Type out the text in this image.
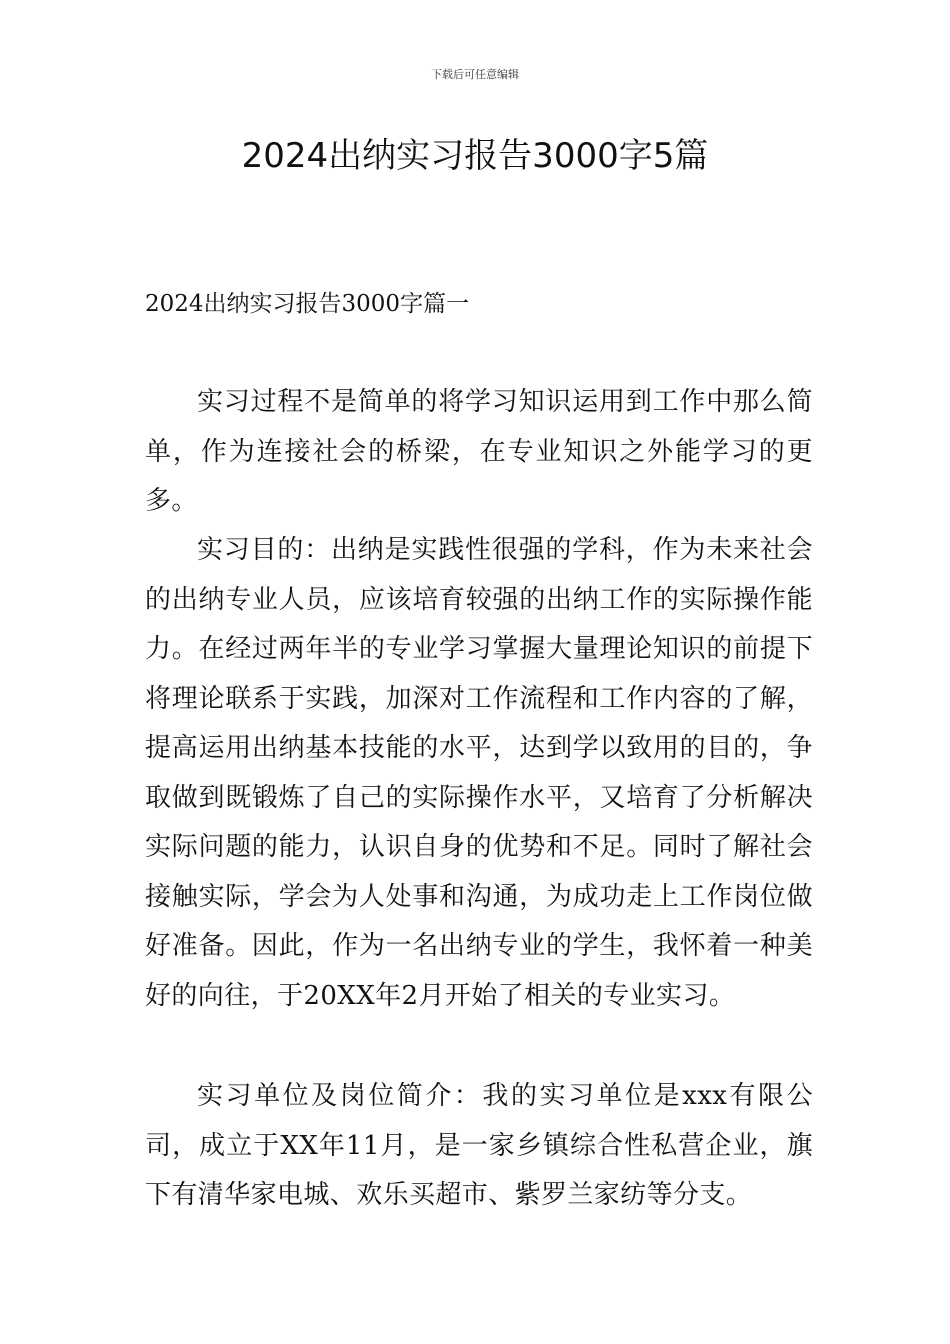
下载后可任意编辑
2024出纳实习报告3000字5篇
2024出纳实习报告3000字篇一

实习过程不是简单的将学习知识运用到工作中那么简单，作为连接社会的桥梁，在专业知识之外能学习的更多。

实习目的：出纳是实践性很强的学科，作为未来社会的出纳专业人员，应该培育较强的出纳工作的实际操作能力。在经过两年半的专业学习掌握大量理论知识的前提下将理论联系于实践，加深对工作流程和工作内容的了解，提高运用出纳基本技能的水平，达到学以致用的目的，争取做到既锻炼了自己的实际操作水平，又培育了分析解决实际问题的能力，认识自身的优势和不足。同时了解社会接触实际，学会为人处事和沟通，为成功走上工作岗位做好准备。因此，作为一名出纳专业的学生，我怀着一种美好的向往，于20XX年2月开始了相关的专业实习。

实习单位及岗位简介：我的实习单位是xxx有限公司，成立于XX年11月，是一家乡镇综合性私营企业，旗下有清华家电城、欢乐买超市、紫罗兰家纺等分支。
